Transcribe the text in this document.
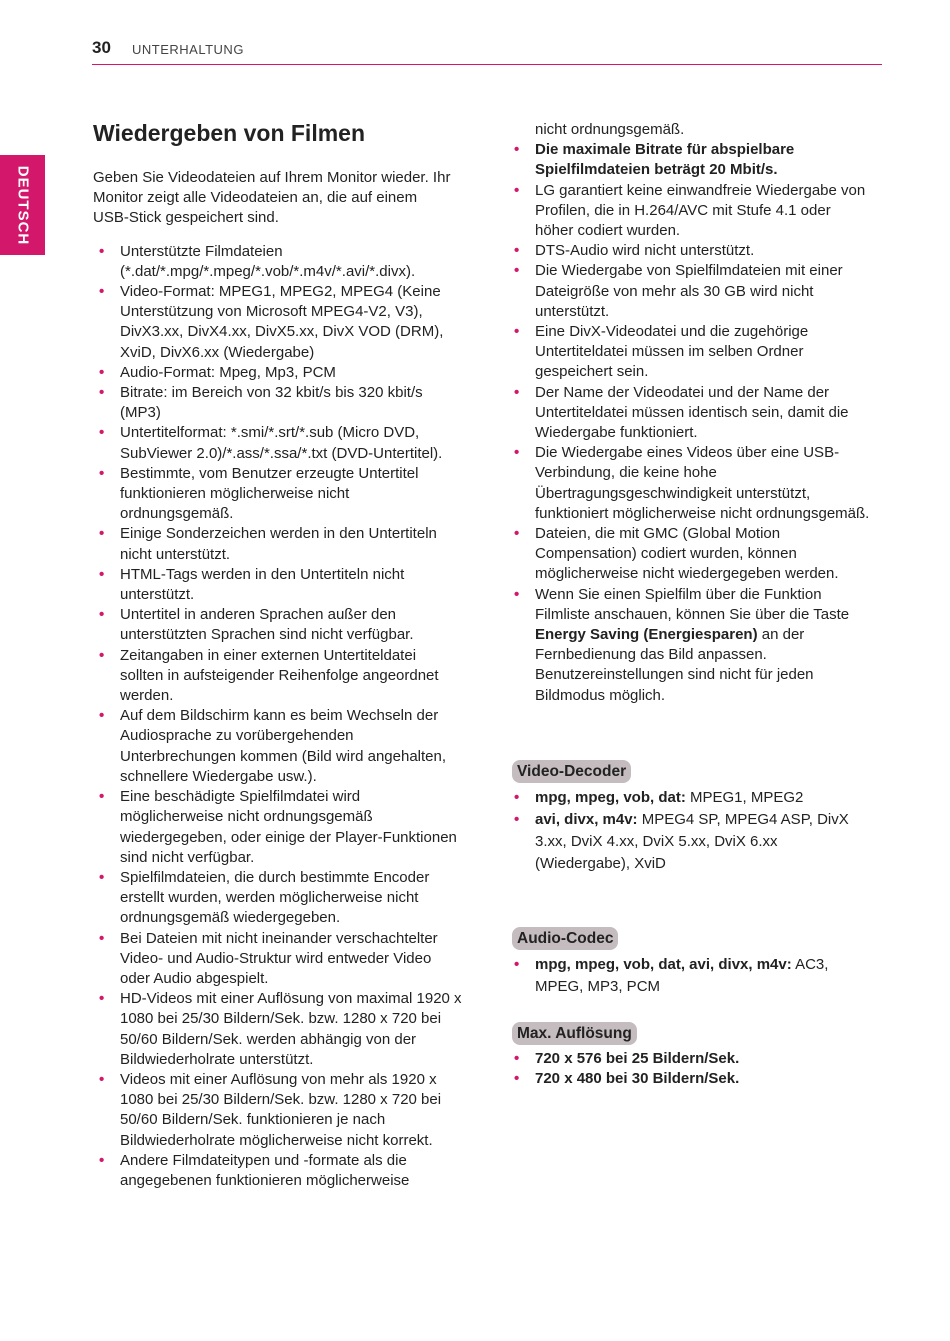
30 UNTERHALTUNG
DEUTSCH
Wiedergeben von Filmen

Geben Sie Videodateien auf Ihrem Monitor wieder. Ihr Monitor zeigt alle Videodateien an, die auf einem USB-Stick gespeichert sind.

• Unterstützte Filmdateien (*.dat/*.mpg/*.mpeg/*.vob/*.m4v/*.avi/*.divx).
• Video-Format: MPEG1, MPEG2, MPEG4 (Keine Unterstützung von Microsoft MPEG4-V2, V3), DivX3.xx, DivX4.xx, DivX5.xx, DivX VOD (DRM), XviD, DivX6.xx (Wiedergabe)
• Audio-Format: Mpeg, Mp3, PCM
• Bitrate: im Bereich von 32 kbit/s bis 320 kbit/s (MP3)
• Untertitelformat: *.smi/*.srt/*.sub (Micro DVD, SubViewer 2.0)/*.ass/*.ssa/*.txt (DVD-Untertitel).
• Bestimmte, vom Benutzer erzeugte Untertitel funktionieren möglicherweise nicht ordnungsgemäß.
• Einige Sonderzeichen werden in den Untertiteln nicht unterstützt.
• HTML-Tags werden in den Untertiteln nicht unterstützt.
• Untertitel in anderen Sprachen außer den unterstützten Sprachen sind nicht verfügbar.
• Zeitangaben in einer externen Untertiteldatei sollten in aufsteigender Reihenfolge angeordnet werden.
• Auf dem Bildschirm kann es beim Wechseln der Audiosprache zu vorübergehenden Unterbrechungen kommen (Bild wird angehalten, schnellere Wiedergabe usw.).
• Eine beschädigte Spielfilmdatei wird möglicherweise nicht ordnungsgemäß wiedergegeben, oder einige der Player-Funktionen sind nicht verfügbar.
• Spielfilmdateien, die durch bestimmte Encoder erstellt wurden, werden möglicherweise nicht ordnungsgemäß wiedergegeben.
• Bei Dateien mit nicht ineinander verschachtelter Video- und Audio-Struktur wird entweder Video oder Audio abgespielt.
• HD-Videos mit einer Auflösung von maximal 1920 x 1080 bei 25/30 Bildern/Sek. bzw. 1280 x 720 bei 50/60 Bildern/Sek. werden abhängig von der Bildwiederholrate unterstützt.
• Videos mit einer Auflösung von mehr als 1920 x 1080 bei 25/30 Bildern/Sek. bzw. 1280 x 720 bei 50/60 Bildern/Sek. funktionieren je nach Bildwiederholrate möglicherweise nicht korrekt.
• Andere Filmdateitypen und -formate als die angegebenen funktionieren möglicherweise
nicht ordnungsgemäß.
• Die maximale Bitrate für abspielbare Spielfilmdateien beträgt 20 Mbit/s.
• LG garantiert keine einwandfreie Wiedergabe von Profilen, die in H.264/AVC mit Stufe 4.1 oder höher codiert wurden.
• DTS-Audio wird nicht unterstützt.
• Die Wiedergabe von Spielfilmdateien mit einer Dateigröße von mehr als 30 GB wird nicht unterstützt.
• Eine DivX-Videodatei und die zugehörige Untertiteldatei müssen im selben Ordner gespeichert sein.
• Der Name der Videodatei und der Name der Untertiteldatei müssen identisch sein, damit die Wiedergabe funktioniert.
• Die Wiedergabe eines Videos über eine USB-Verbindung, die keine hohe Übertragungsgeschwindigkeit unterstützt, funktioniert möglicherweise nicht ordnungsgemäß.
• Dateien, die mit GMC (Global Motion Compensation) codiert wurden, können möglicherweise nicht wiedergegeben werden.
• Wenn Sie einen Spielfilm über die Funktion Filmliste anschauen, können Sie über die Taste Energy Saving (Energiesparen) an der Fernbedienung das Bild anpassen. Benutzereinstellungen sind nicht für jeden Bildmodus möglich.
Video-Decoder
• mpg, mpeg, vob, dat: MPEG1, MPEG2
• avi, divx, m4v: MPEG4 SP, MPEG4 ASP, DivX 3.xx, DviX 4.xx, DviX 5.xx, DviX 6.xx (Wiedergabe), XviD
Audio-Codec
• mpg, mpeg, vob, dat, avi, divx, m4v: AC3, MPEG, MP3, PCM
Max. Auflösung
• 720 x 576 bei 25 Bildern/Sek.
• 720 x 480 bei 30 Bildern/Sek.
